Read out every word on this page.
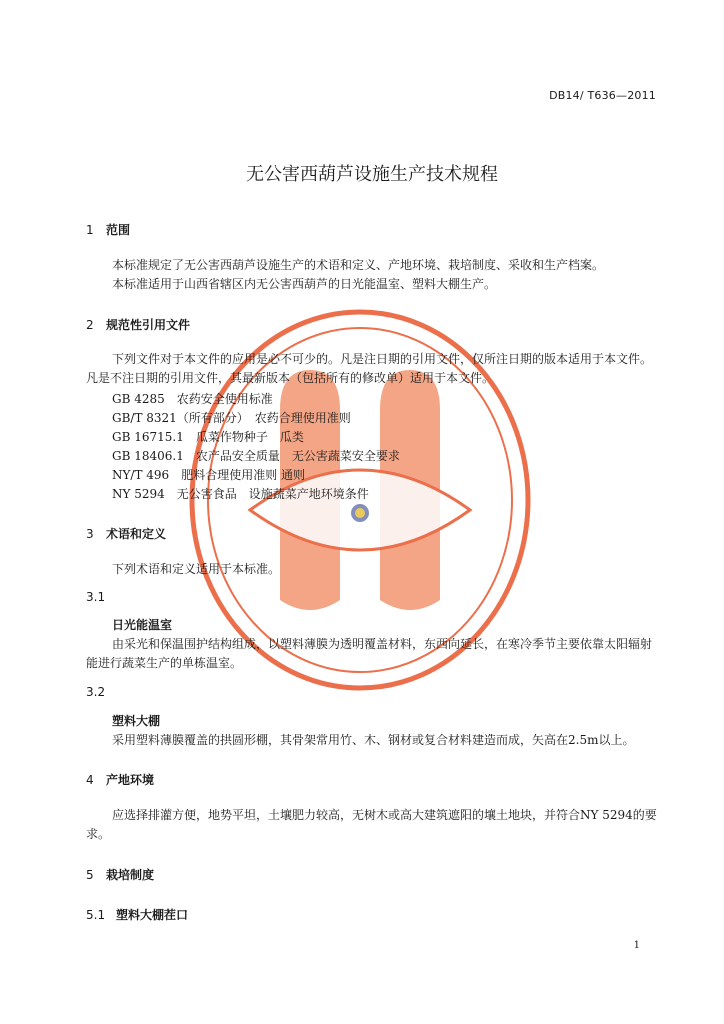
DB14/ T636—2011
无公害西葫芦设施生产技术规程
1 范围
本标准规定了无公害西葫芦设施生产的术语和定义、产地环境、栽培制度、采收和生产档案。
本标准适用于山西省辖区内无公害西葫芦的日光能温室、塑料大棚生产。
2 规范性引用文件
下列文件对于本文件的应用是必不可少的。凡是注日期的引用文件，仅所注日期的版本适用于本文件。凡是不注日期的引用文件，其最新版本（包括所有的修改单）适用于本文件。
GB 4285　农药安全使用标准
GB/T 8321（所有部分）　农药合理使用准则
GB 16715.1　瓜菜作物种子　瓜类
GB 18406.1　农产品安全质量　无公害蔬菜安全要求
NY/T 496　肥料合理使用准则 通则
NY 5294　无公害食品　设施蔬菜产地环境条件
3 术语和定义
下列术语和定义适用于本标准。
3.1
日光能温室
由采光和保温围护结构组成，以塑料薄膜为透明覆盖材料，东西向延长，在寒冷季节主要依靠太阳辐射能进行蔬菜生产的单栋温室。
3.2
塑料大棚
采用塑料薄膜覆盖的拱圆形棚，其骨架常用竹、木、钢材或复合材料建造而成，矢高在2.5m以上。
4 产地环境
应选择排灌方便，地势平坦，土壤肥力较高，无树木或高大建筑遮阳的壤土地块，并符合NY 5294的要求。
5 栽培制度
5.1 塑料大棚茬口
1
